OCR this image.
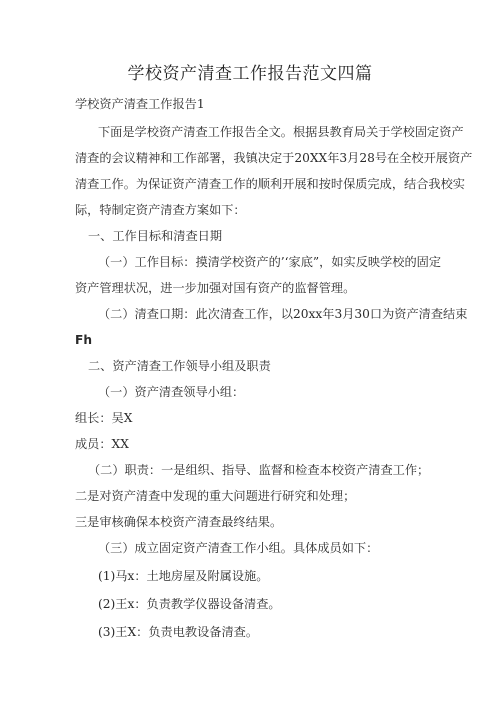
学校资产清查工作报告范文四篇
学校资产清查工作报告1
下面是学校资产清查工作报告全文。根据县教育局关于学校固定资产
清查的会议精神和工作部署，我镇决定于20XX年3月28号在全校开展资产
清查工作。为保证资产清查工作的顺利开展和按时保质完成，结合我校实
际，特制定资产清查方案如下：
一、工作目标和清查日期
（一）工作目标：摸清学校资产的’‘家底”，如实反映学校的固定
资产管理状况，进一步加强对国有资产的监督管理。
（二）清查口期：此次清查工作，以20xx年3月30口为资产清查结束
Fh
二、资产清查工作领导小组及职责
（一）资产清查领导小组：
组长：吴X
成员：XX
（二）职责：一是组织、指导、监督和检查本校资产清查工作；
二是对资产清查中发现的重大问题进行研究和处理；
三是审核确保本校资产清查最终结果。
（三）成立固定资产清查工作小组。具体成员如下：
(1)马x：土地房屋及附属设施。
(2)王x：负责教学仪器设备清查。
(3)王X：负责电教设备清查。
